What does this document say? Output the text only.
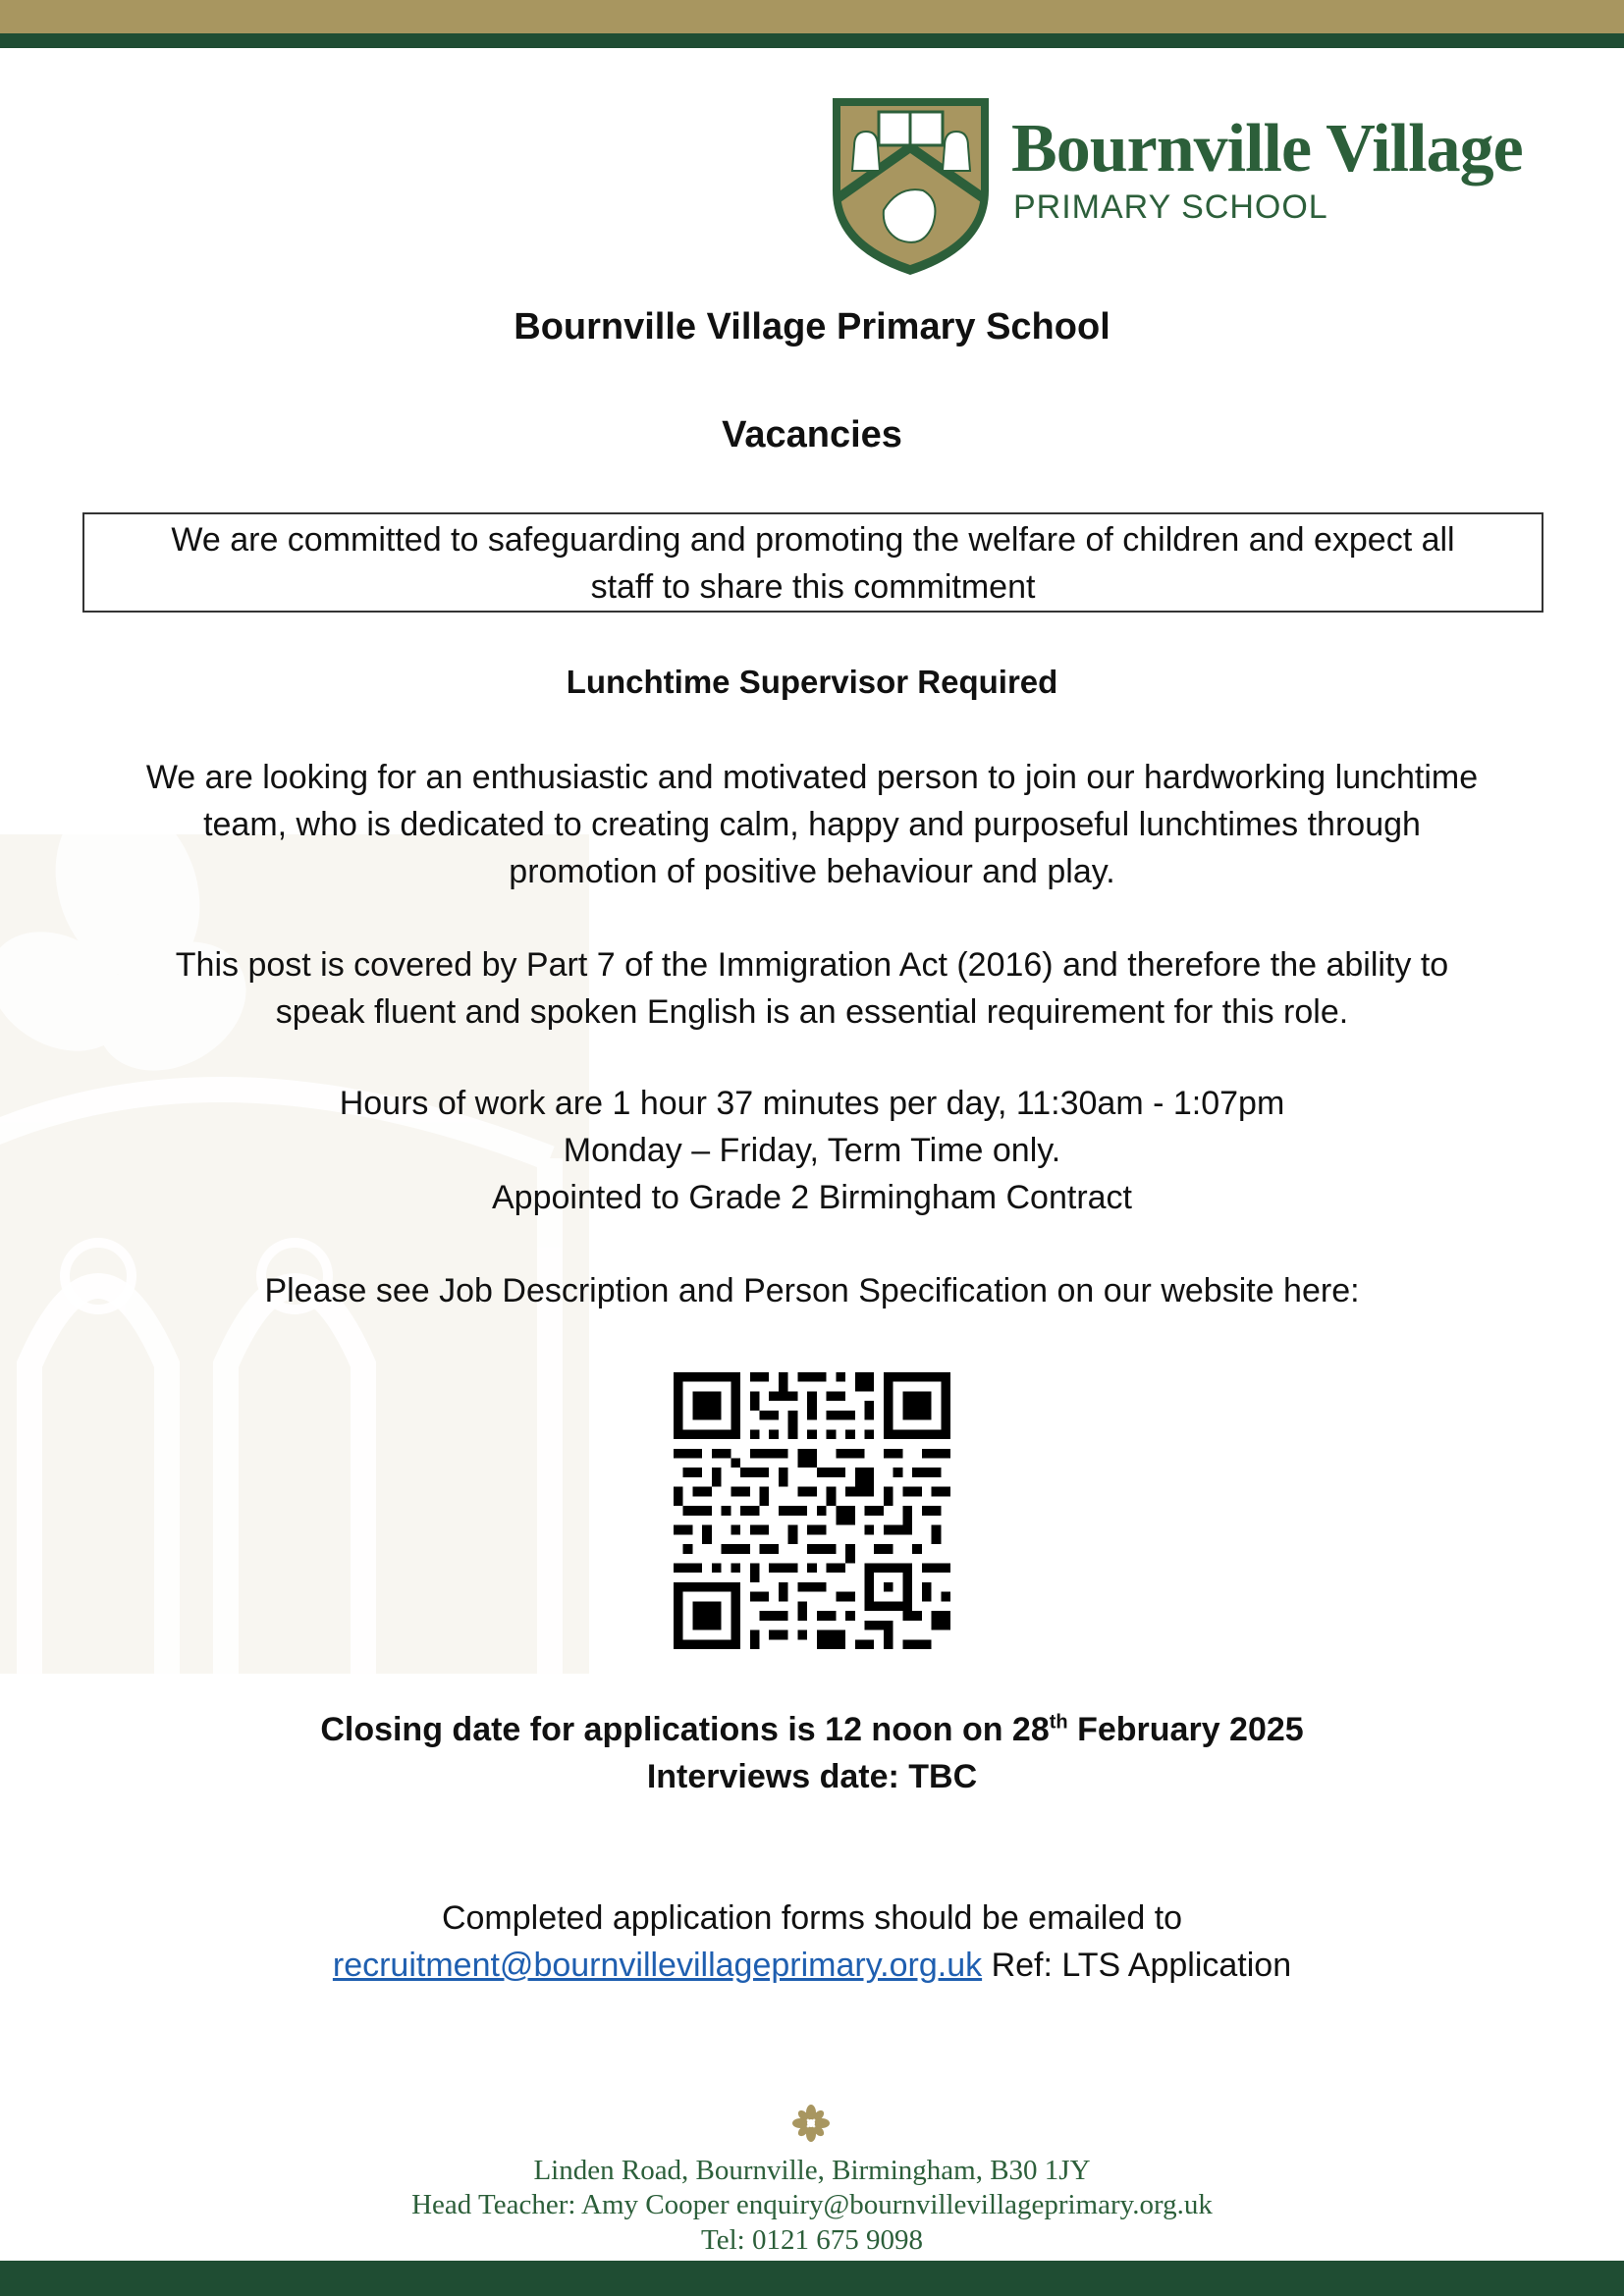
Bournville Village
PRIMARY SCHOOL
Bournville Village Primary School
Vacancies
We are committed to safeguarding and promoting the welfare of children and expect all
staff to share this commitment
Lunchtime Supervisor Required
We are looking for an enthusiastic and motivated person to join our hardworking lunchtime
team, who is dedicated to creating calm, happy and purposeful lunchtimes through
promotion of positive behaviour and play.
This post is covered by Part 7 of the Immigration Act (2016) and therefore the ability to
speak fluent and spoken English is an essential requirement for this role.
Hours of work are 1 hour 37 minutes per day, 11:30am - 1:07pm
Monday – Friday, Term Time only.
Appointed to Grade 2 Birmingham Contract
Please see Job Description and Person Specification on our website here:
Closing date for applications is 12 noon on 28th February 2025
Interviews date: TBC
Completed application forms should be emailed to
recruitment@bournvillevillageprimary.org.uk Ref: LTS Application
Linden Road, Bournville, Birmingham, B30 1JY
Head Teacher: Amy Cooper enquiry@bournvillevillageprimary.org.uk
Tel: 0121 675 9098
